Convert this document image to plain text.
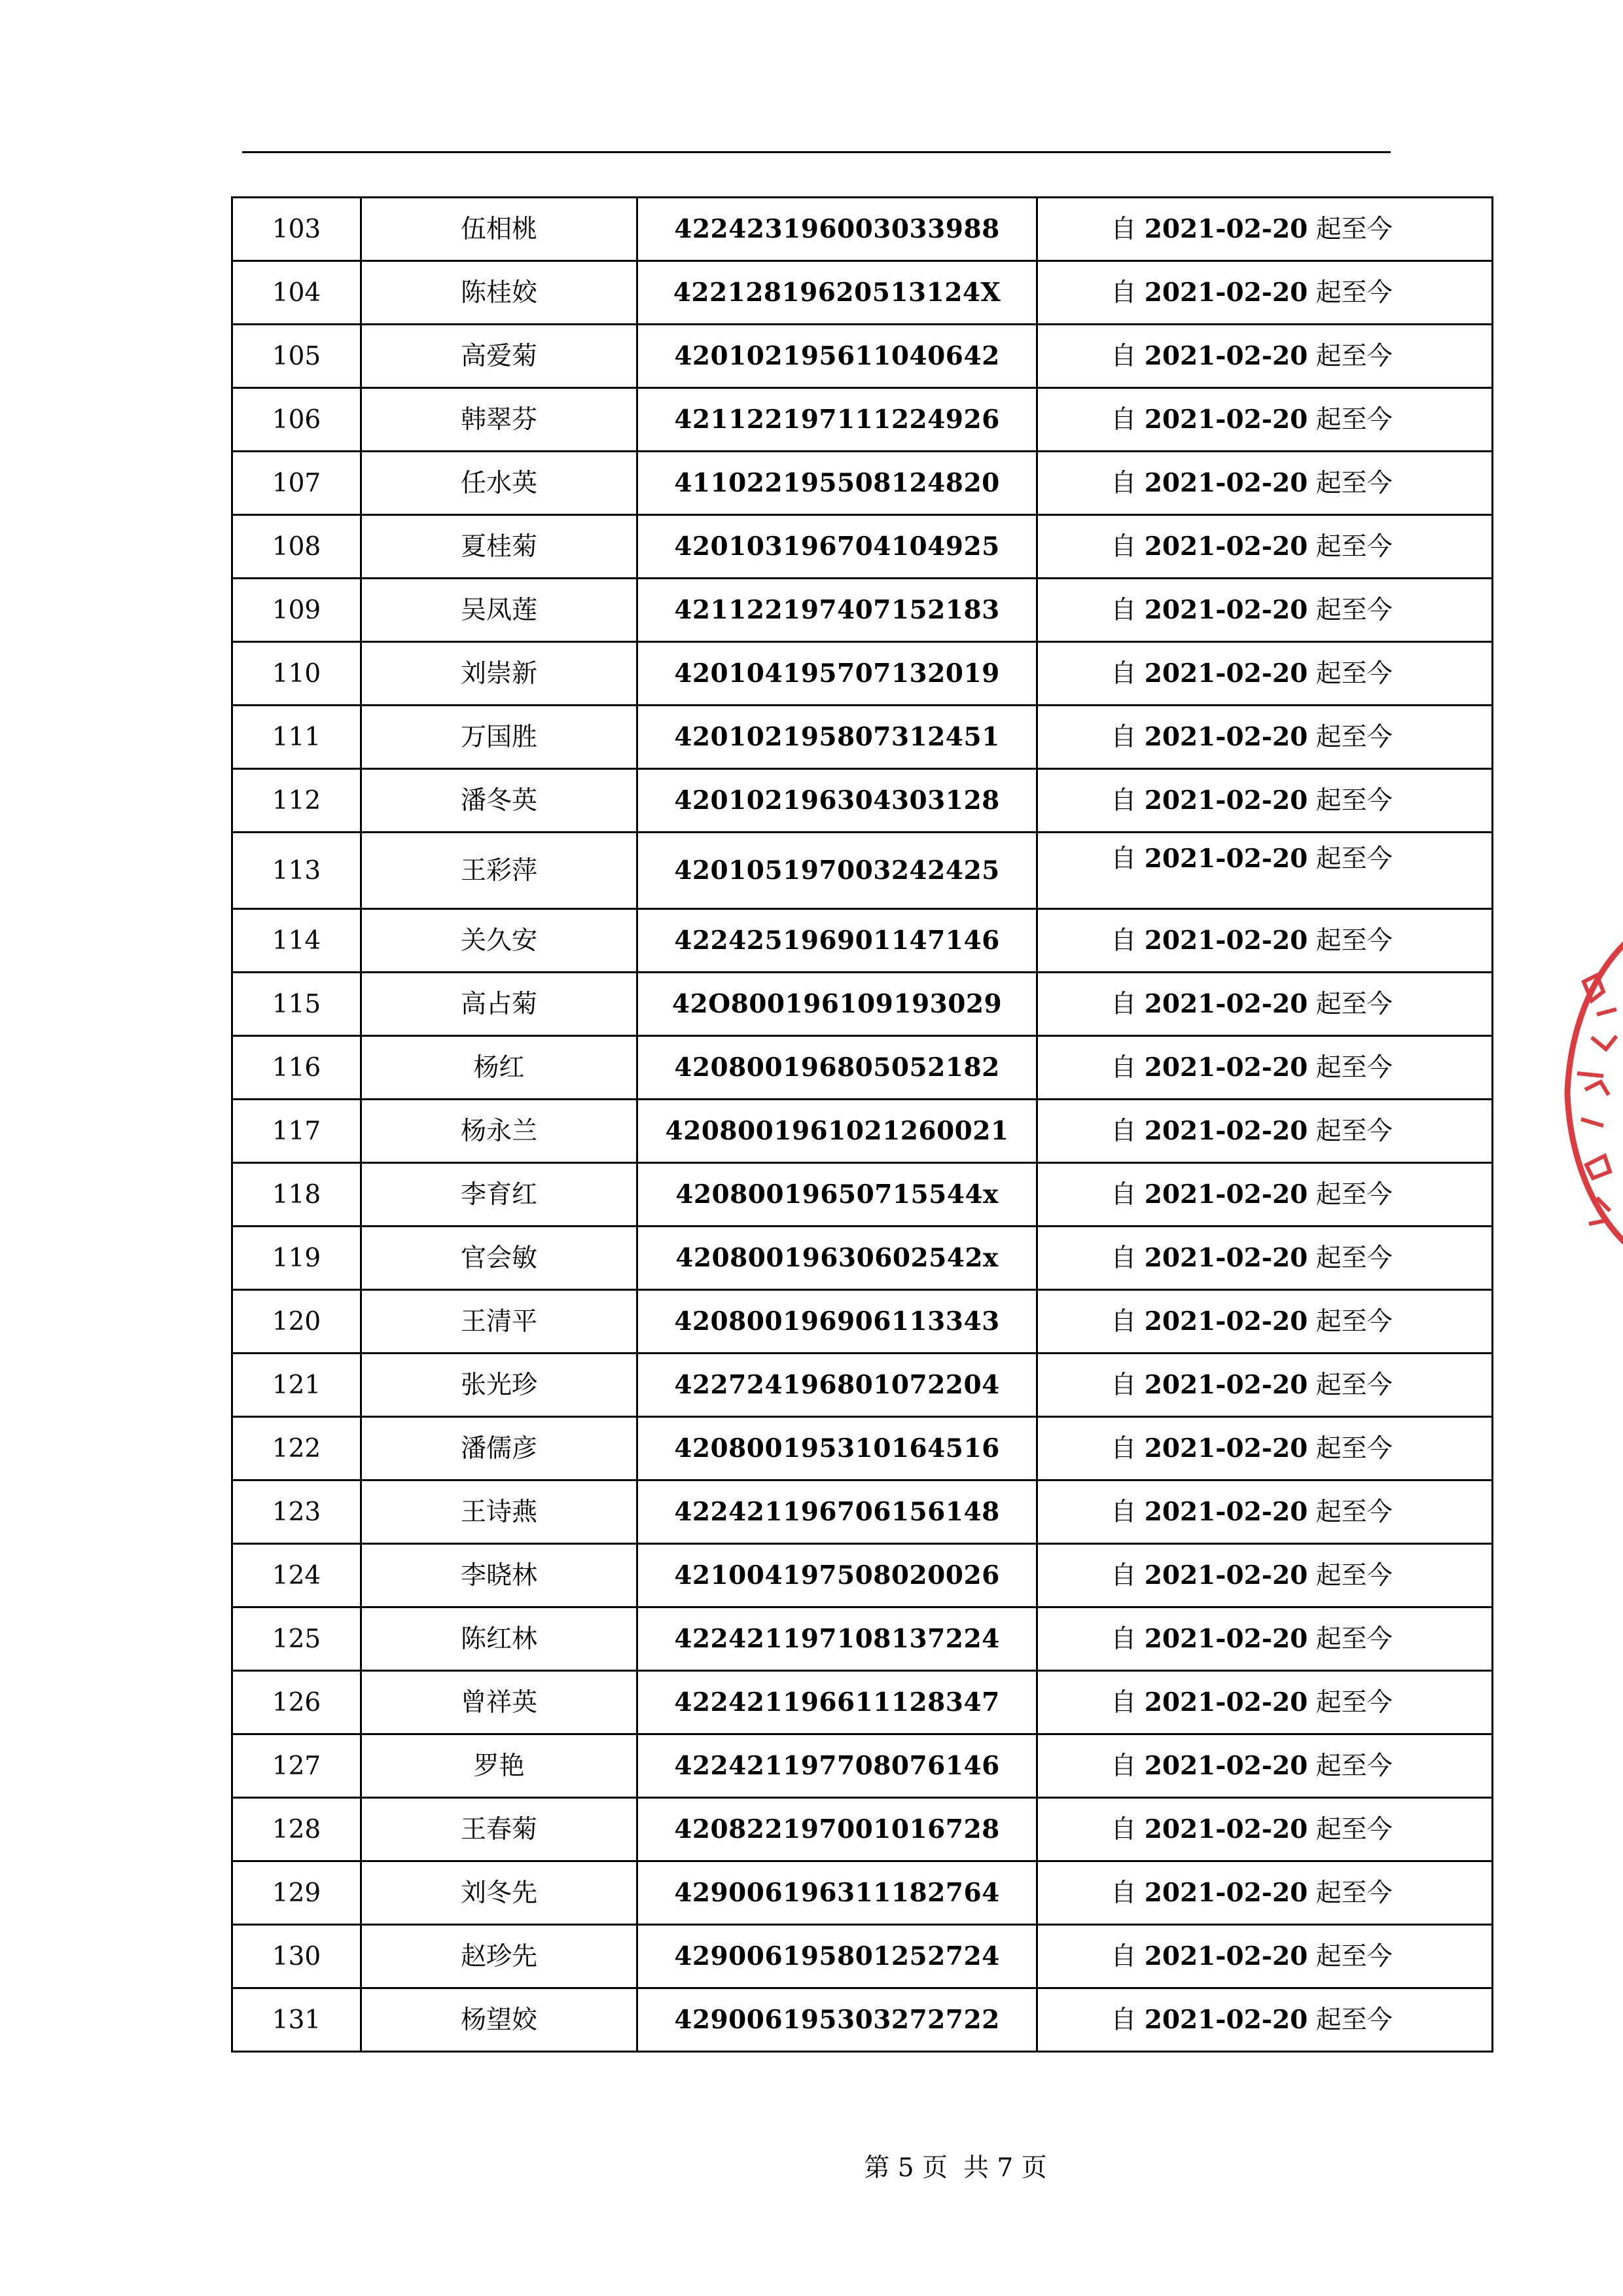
103	伍相桃	422423196003033988	自 2021-02-20 起至今
104	陈桂姣	42212819620513124X	自 2021-02-20 起至今
105	高爱菊	420102195611040642	自 2021-02-20 起至今
106	韩翠芬	421122197111224926	自 2021-02-20 起至今
107	任水英	411022195508124820	自 2021-02-20 起至今
108	夏桂菊	420103196704104925	自 2021-02-20 起至今
109	吴凤莲	421122197407152183	自 2021-02-20 起至今
110	刘崇新	420104195707132019	自 2021-02-20 起至今
111	万国胜	420102195807312451	自 2021-02-20 起至今
112	潘冬英	420102196304303128	自 2021-02-20 起至今
113	王彩萍	420105197003242425	自 2021-02-20 起至今
114	关久安	422425196901147146	自 2021-02-20 起至今
115	高占菊	42O800196109193029	自 2021-02-20 起至今
116	杨红	420800196805052182	自 2021-02-20 起至今
117	杨永兰	4208001961021260021	自 2021-02-20 起至今
118	李育红	42080019650715544x	自 2021-02-20 起至今
119	官会敏	42080019630602542x	自 2021-02-20 起至今
120	王清平	420800196906113343	自 2021-02-20 起至今
121	张光珍	422724196801072204	自 2021-02-20 起至今
122	潘儒彦	420800195310164516	自 2021-02-20 起至今
123	王诗燕	422421196706156148	自 2021-02-20 起至今
124	李晓林	421004197508020026	自 2021-02-20 起至今
125	陈红林	422421197108137224	自 2021-02-20 起至今
126	曾祥英	422421196611128347	自 2021-02-20 起至今
127	罗艳	422421197708076146	自 2021-02-20 起至今
128	王春菊	420822197001016728	自 2021-02-20 起至今
129	刘冬先	429006196311182764	自 2021-02-20 起至今
130	赵珍先	429006195801252724	自 2021-02-20 起至今
131	杨望姣	429006195303272722	自 2021-02-20 起至今
第 5 页 共 7 页
